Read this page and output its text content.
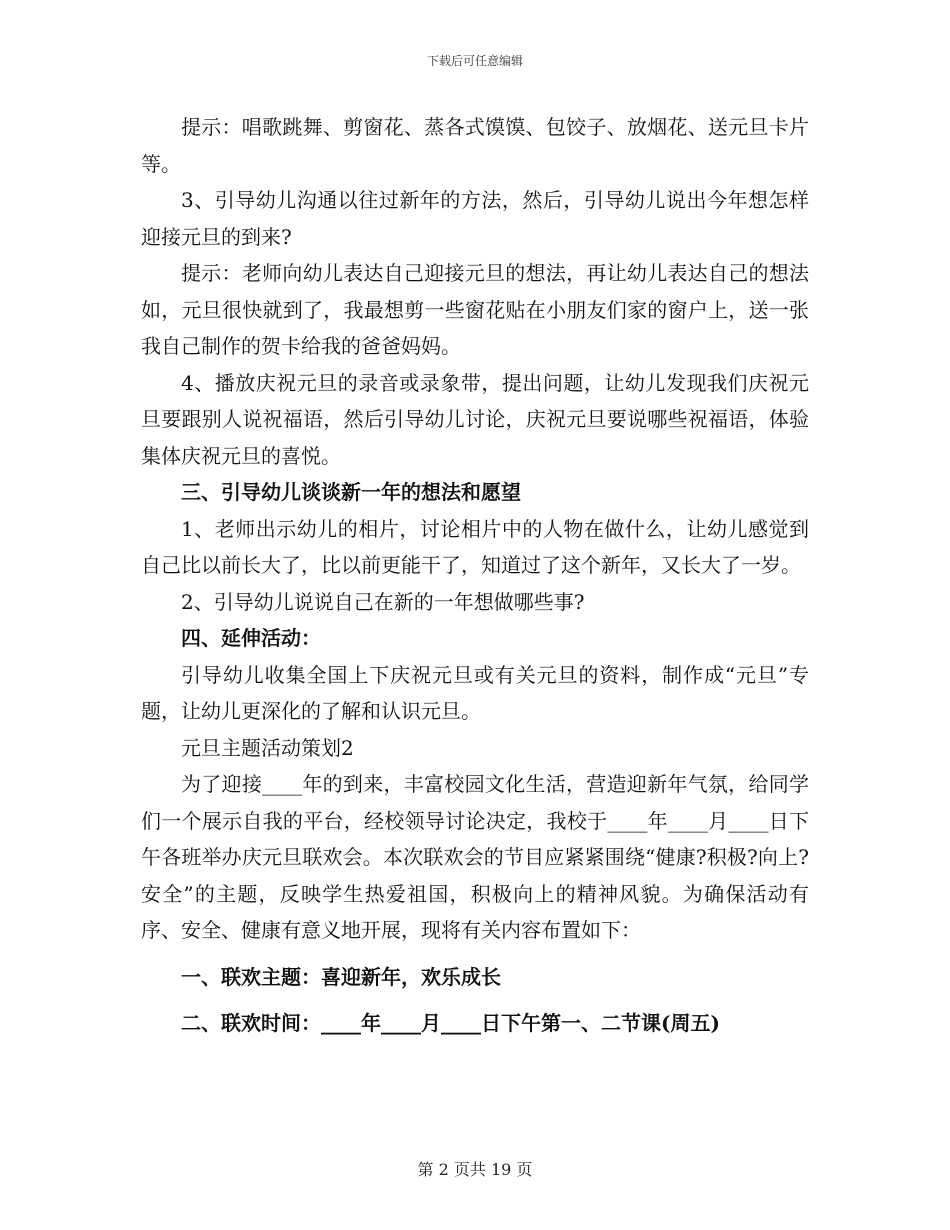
下载后可任意编辑

提示：唱歌跳舞、剪窗花、蒸各式馍馍、包饺子、放烟花、送元旦卡片等。

3、引导幼儿沟通以往过新年的方法，然后，引导幼儿说出今年想怎样迎接元旦的到来?

提示：老师向幼儿表达自己迎接元旦的想法，再让幼儿表达自己的想法如，元旦很快就到了，我最想剪一些窗花贴在小朋友们家的窗户上，送一张我自己制作的贺卡给我的爸爸妈妈。

4、播放庆祝元旦的录音或录象带，提出问题，让幼儿发现我们庆祝元旦要跟别人说祝福语，然后引导幼儿讨论，庆祝元旦要说哪些祝福语，体验集体庆祝元旦的喜悦。

三、引导幼儿谈谈新一年的想法和愿望

1、老师出示幼儿的相片，讨论相片中的人物在做什么，让幼儿感觉到自己比以前长大了，比以前更能干了，知道过了这个新年，又长大了一岁。

2、引导幼儿说说自己在新的一年想做哪些事?

四、延伸活动：

引导幼儿收集全国上下庆祝元旦或有关元旦的资料，制作成“元旦”专题，让幼儿更深化的了解和认识元旦。

元旦主题活动策划2

为了迎接____年的到来，丰富校园文化生活，营造迎新年气氛，给同学们一个展示自我的平台，经校领导讨论决定，我校于____年____月____日下午各班举办庆元旦联欢会。本次联欢会的节目应紧紧围绕“健康?积极?向上?安全”的主题，反映学生热爱祖国，积极向上的精神风貌。为确保活动有序、安全、健康有意义地开展，现将有关内容布置如下：

一、联欢主题：喜迎新年，欢乐成长

二、联欢时间：____年____月____日下午第一、二节课(周五)

第 2 页共 19 页
